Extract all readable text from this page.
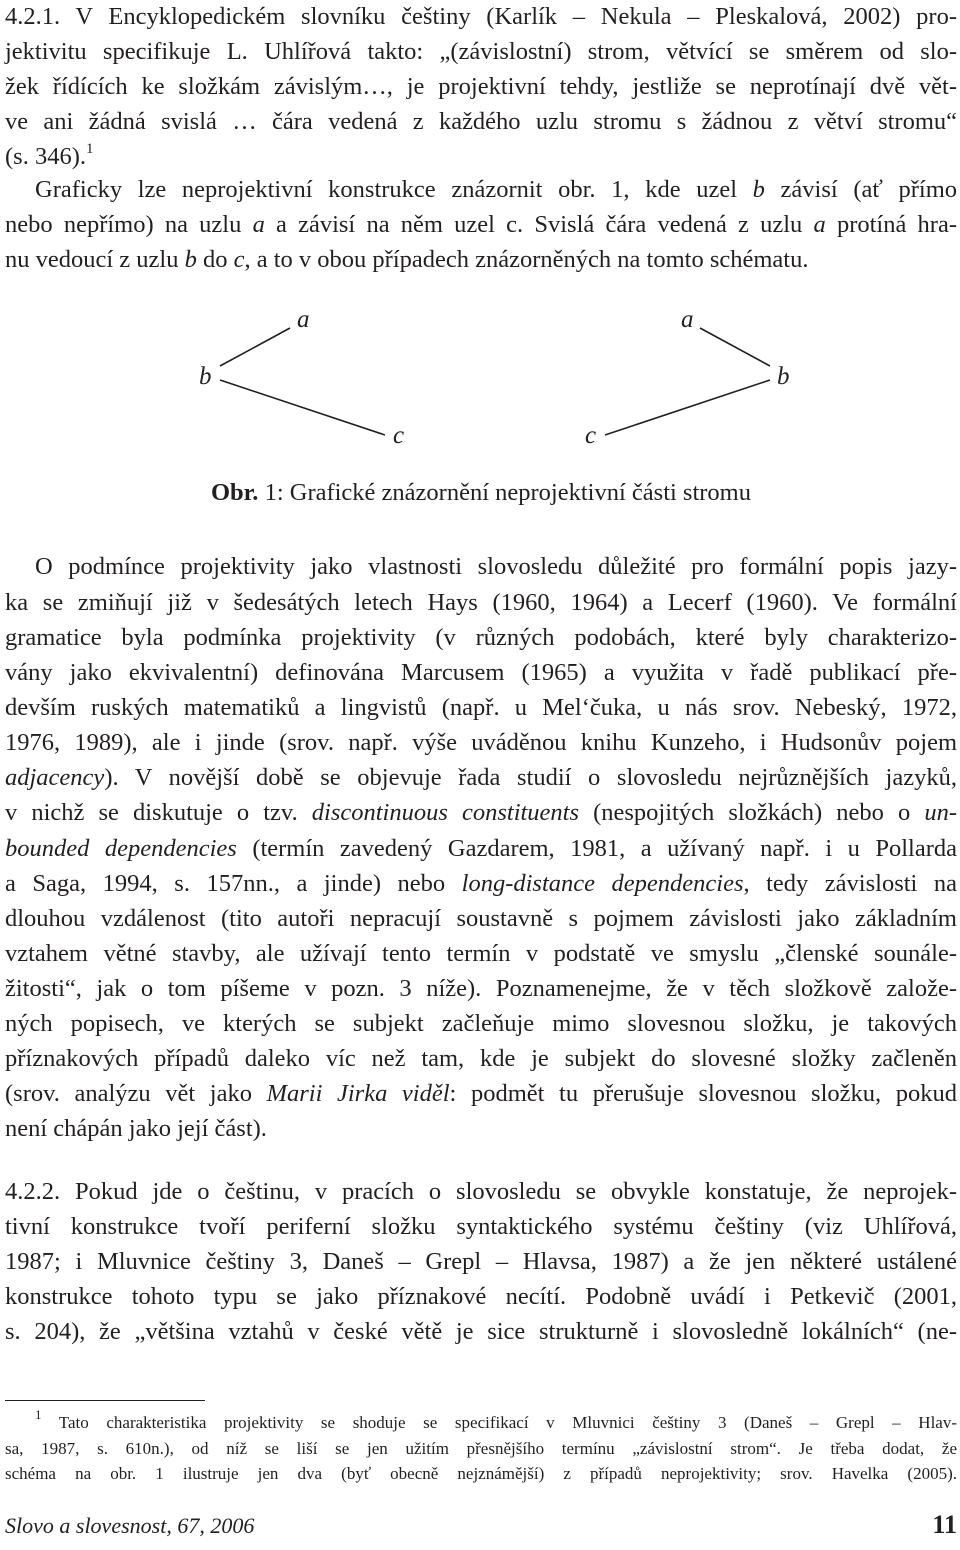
4.2.1. V Encyklopedickém slovníku češtiny (Karlík – Nekula – Pleskalová, 2002) pro-
jektivitu specifikuje L. Uhlířová takto: „(závislostní) strom, větvící se směrem od slo-
žek řídících ke složkám závislým…, je projektivní tehdy, jestliže se neprotínají dvě vět-
ve ani žádná svislá … čára vedená z každého uzlu stromu s žádnou z větví stromu“
(s. 346).$^1$
Graficky lze neprojektivní konstrukce znázornit obr. 1, kde uzel b závisí (ať přímo
nebo nepřímo) na uzlu a a závisí na něm uzel c. Svislá čára vedená z uzlu a protíná hra-
nu vedoucí z uzlu b do c, a to v obou případech znázorněných na tomto schématu.
a
b
c
a
b
c
Obr. 1: Grafické znázornění neprojektivní části stromu
O podmínce projektivity jako vlastnosti slovosledu důležité pro formální popis jazy-
ka se zmiňují již v šedesátých letech Hays (1960, 1964) a Lecerf (1960). Ve formální
gramatice byla podmínka projektivity (v různých podobách, které byly charakterizo-
vány jako ekvivalentní) definována Marcusem (1965) a využita v řadě publikací pře-
devším ruských matematiků a lingvistů (např. u Mel‘čuka, u nás srov. Nebeský, 1972,
1976, 1989), ale i jinde (srov. např. výše uváděnou knihu Kunzeho, i Hudsonův pojem
adjacency). V novější době se objevuje řada studií o slovosledu nejrůznějších jazyků,
v nichž se diskutuje o tzv. discontinuous constituents (nespojitých složkách) nebo o un-
bounded dependencies (termín zavedený Gazdarem, 1981, a užívaný např. i u Pollarda
a Saga, 1994, s. 157nn., a jinde) nebo long-distance dependencies, tedy závislosti na
dlouhou vzdálenost (tito autoři nepracují soustavně s pojmem závislosti jako základním
vztahem větné stavby, ale užívají tento termín v podstatě ve smyslu „členské sounále-
žitosti“, jak o tom píšeme v pozn. 3 níže). Poznamenejme, že v těch složkově založe-
ných popisech, ve kterých se subjekt začleňuje mimo slovesnou složku, je takových
příznakových případů daleko víc než tam, kde je subjekt do slovesné složky začleněn
(srov. analýzu vět jako Marii Jirka viděl: podmět tu přerušuje slovesnou složku, pokud
není chápán jako její část).
4.2.2. Pokud jde o češtinu, v pracích o slovosledu se obvykle konstatuje, že neprojek-
tivní konstrukce tvoří periferní složku syntaktického systému češtiny (viz Uhlířová,
1987; i Mluvnice češtiny 3, Daneš – Grepl – Hlavsa, 1987) a že jen některé ustálené
konstrukce tohoto typu se jako příznakové necítí. Podobně uvádí i Petkevič (2001,
s. 204), že „většina vztahů v české větě je sice strukturně i slovosledně lokálních“ (ne-
$^1$ Tato charakteristika projektivity se shoduje se specifikací v Mluvnici češtiny 3 (Daneš – Grepl – Hlav-
sa, 1987, s. 610n.), od níž se liší se jen užitím přesnějšího termínu „závislostní strom“. Je třeba dodat, že
schéma na obr. 1 ilustruje jen dva (byť obecně nejznámější) z případů neprojektivity; srov. Havelka (2005).
Slovo a slovesnost, 67, 2006	11
